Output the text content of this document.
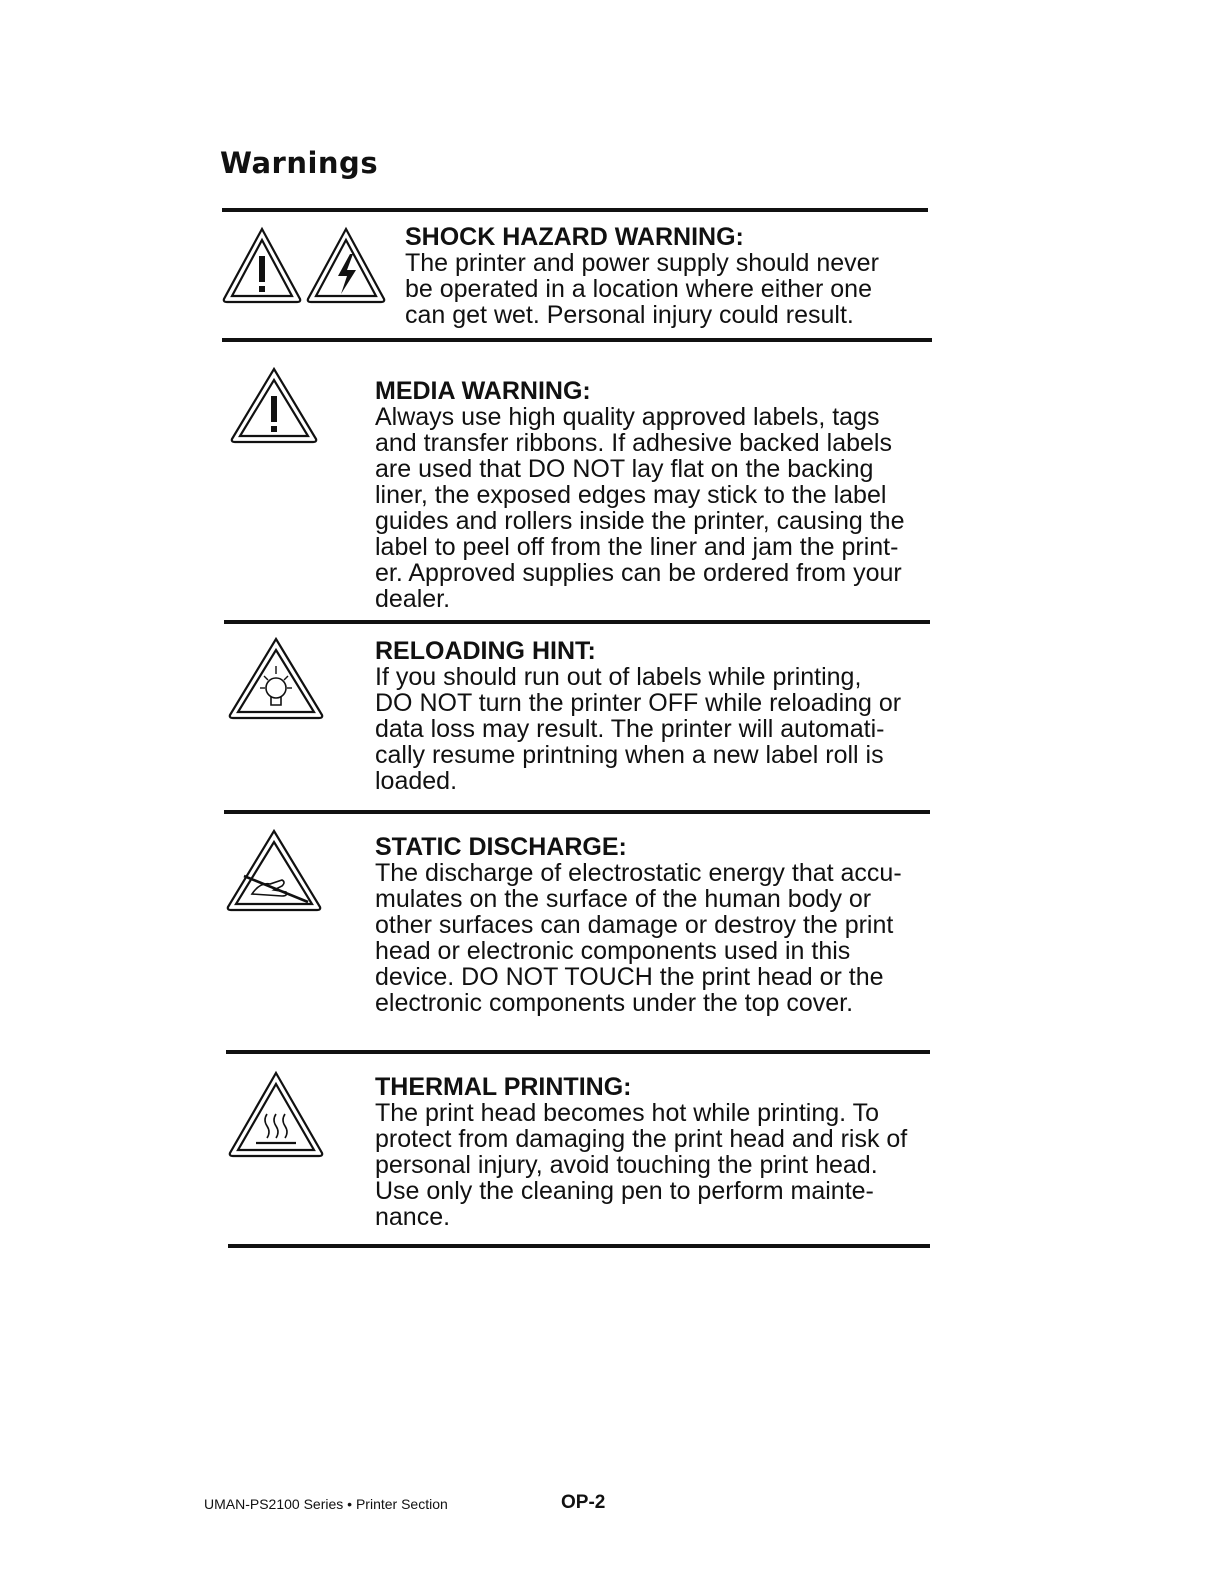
Warnings
SHOCK HAZARD WARNING:
The printer and power supply should never
be operated in a location where either one
can get wet. Personal injury could result.
MEDIA WARNING:
Always use high quality approved labels, tags
and transfer ribbons. If adhesive backed labels
are used that DO NOT lay flat on the backing
liner, the exposed edges may stick to the label
guides and rollers inside the printer, causing the
label to peel off from the liner and jam the print-
er. Approved supplies can be ordered from your
dealer.
RELOADING HINT:
If you should run out of labels while printing,
DO NOT turn the printer OFF while reloading or
data loss may result. The printer will automati-
cally resume printning when a new label roll is
loaded.
STATIC DISCHARGE:
The discharge of electrostatic energy that accu-
mulates on the surface of the human body or
other surfaces can damage or destroy the print
head or electronic components used in this
device. DO NOT TOUCH the print head or the
electronic components under the top cover.
THERMAL PRINTING:
The print head becomes hot while printing. To
protect from damaging the print head and risk of
personal injury, avoid touching the print head.
Use only the cleaning pen to perform mainte-
nance.
UMAN-PS2100 Series • Printer Section	OP-2
